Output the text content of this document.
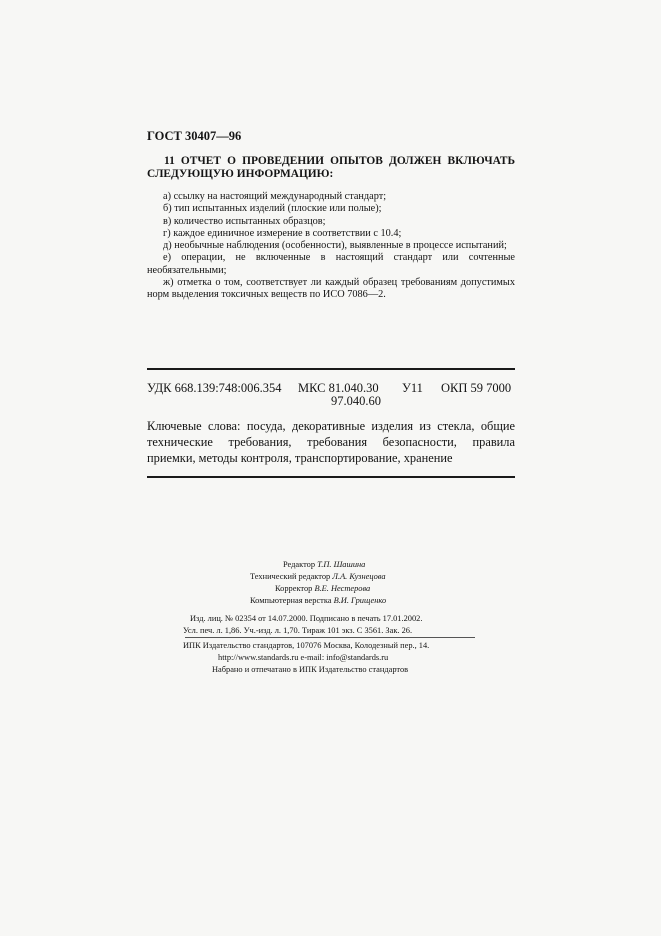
ГОСТ 30407—96
11 ОТЧЕТ О ПРОВЕДЕНИИ ОПЫТОВ ДОЛЖЕН ВКЛЮЧАТЬ СЛЕДУЮЩУЮ ИНФОРМАЦИЮ:

а) ссылку на настоящий международный стандарт;

б) тип испытанных изделий (плоские или полые);

в) количество испытанных образцов;

г) каждое единичное измерение в соответствии с 10.4;

д) необычные наблюдения (особенности), выявленные в процессе испытаний;

е) операции, не включенные в настоящий стандарт или сочтенные необязательными;

ж) отметка о том, соответствует ли каждый образец требованиям допустимых норм выделения токсичных веществ по ИСО 7086—2.

УДК 668.139:748:006.354 МКС 81.040.30
97.040.60
У11 ОКП 59 7000
Ключевые слова: посуда, декоративные изделия из стекла, общие технические требования, требования безопасности, правила приемки, методы контроля, транспортирование, хранение
Редактор Т.П. Шашина
Технический редактор Л.А. Кузнецова
Корректор В.Е. Нестерова
Компьютерная верстка В.И. Грищенко
Изд. лиц. № 02354 от 14.07.2000. Подписано в печать 17.01.2002.
Усл. печ. л. 1,86. Уч.-изд. л. 1,70. Тираж 101 экз. С 3561. Зак. 26.
ИПК Издательство стандартов, 107076 Москва, Колодезный пер., 14.
http://www.standards.ru e-mail: info@standards.ru
Набрано и отпечатано в ИПК Издательство стандартов
